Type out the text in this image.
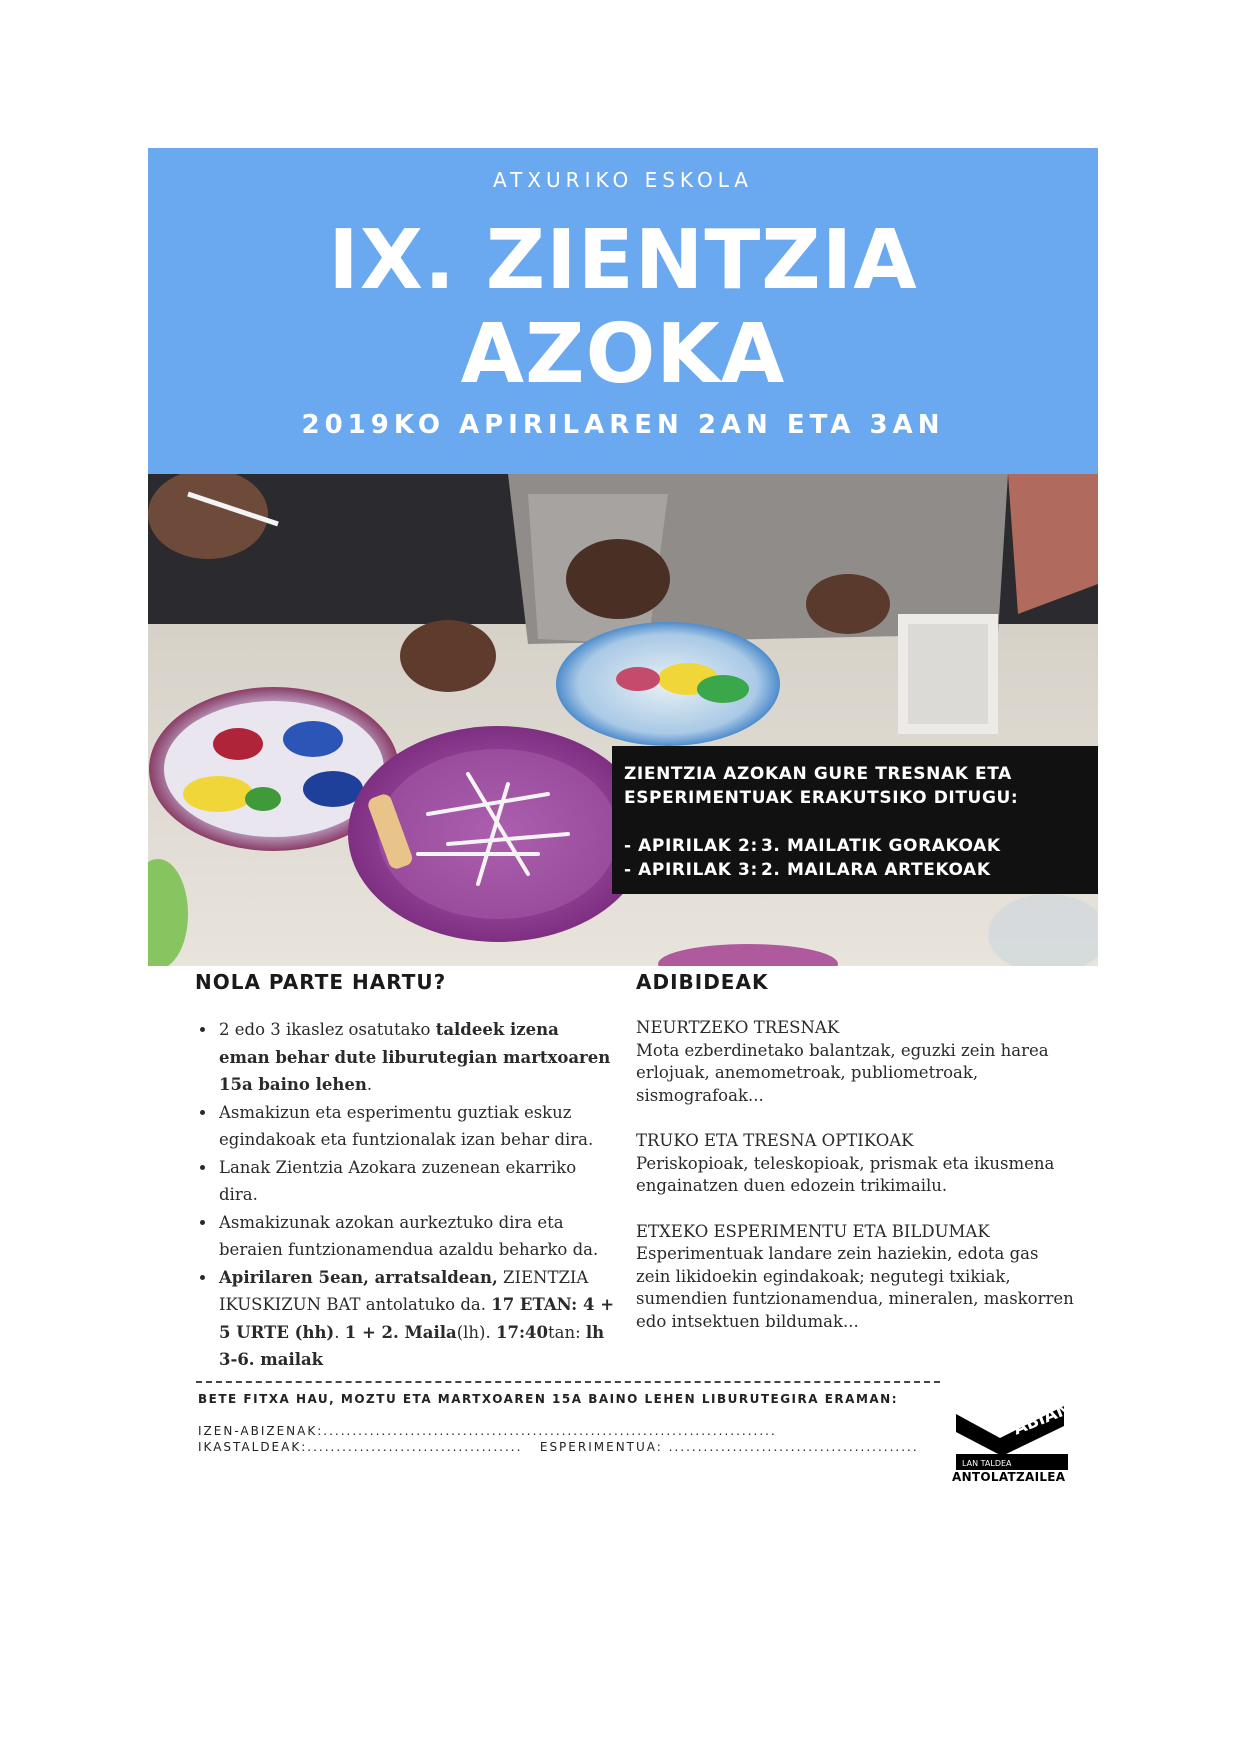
ATXURIKO ESKOLA
IX. ZIENTZIA
AZOKA
2019KO APIRILAREN 2AN ETA 3AN
ZIENTZIA AZOKAN GURE TRESNAK ETA
ESPERIMENTUAK ERAKUTSIKO DITUGU:
- APIRILAK 2: 3. MAILATIK GORAKOAK
- APIRILAK 3: 2. MAILARA ARTEKOAK
NOLA PARTE HARTU?
• 2 edo 3 ikaslez osatutako taldeek izena eman behar dute liburutegian martxoaren 15a baino lehen.
• Asmakizun eta esperimentu guztiak eskuz egindakoak eta funtzionalak izan behar dira.
• Lanak Zientzia Azokara zuzenean ekarriko dira.
• Asmakizunak azokan aurkeztuko dira eta beraien funtzionamendua azaldu beharko da.
• Apirilaren 5ean, arratsaldean, ZIENTZIA IKUSKIZUN BAT antolatuko da. 17 ETAN: 4 + 5 URTE (hh). 1 + 2. Maila(lh). 17:40tan: lh 3-6. mailak
ADIBIDEAK
NEURTZEKO TRESNAK
Mota ezberdinetako balantzak, eguzki zein harea erlojuak, anemometroak, publiometroak, sismografoak...
TRUKO ETA TRESNA OPTIKOAK
Periskopioak, teleskopioak, prismak eta ikusmena engainatzen duen edozein trikimailu.
ETXEKO ESPERIMENTU ETA BILDUMAK
Esperimentuak landare zein haziekin, edota gas zein likidoekin egindakoak; negutegi txikiak, sumendien funtzionamendua, mineralen, maskorren edo intsektuen bildumak...
BETE FITXA HAU, MOZTU ETA MARTXOAREN 15A BAINO LEHEN LIBURUTEGIRA ERAMAN:
IZEN-ABIZENAK:..............................................................................
IKASTALDEAK:..................................... ESPERIMENTUA: ...........................................
ABIAN
LAN TALDEA
ANTOLATZAILEA
